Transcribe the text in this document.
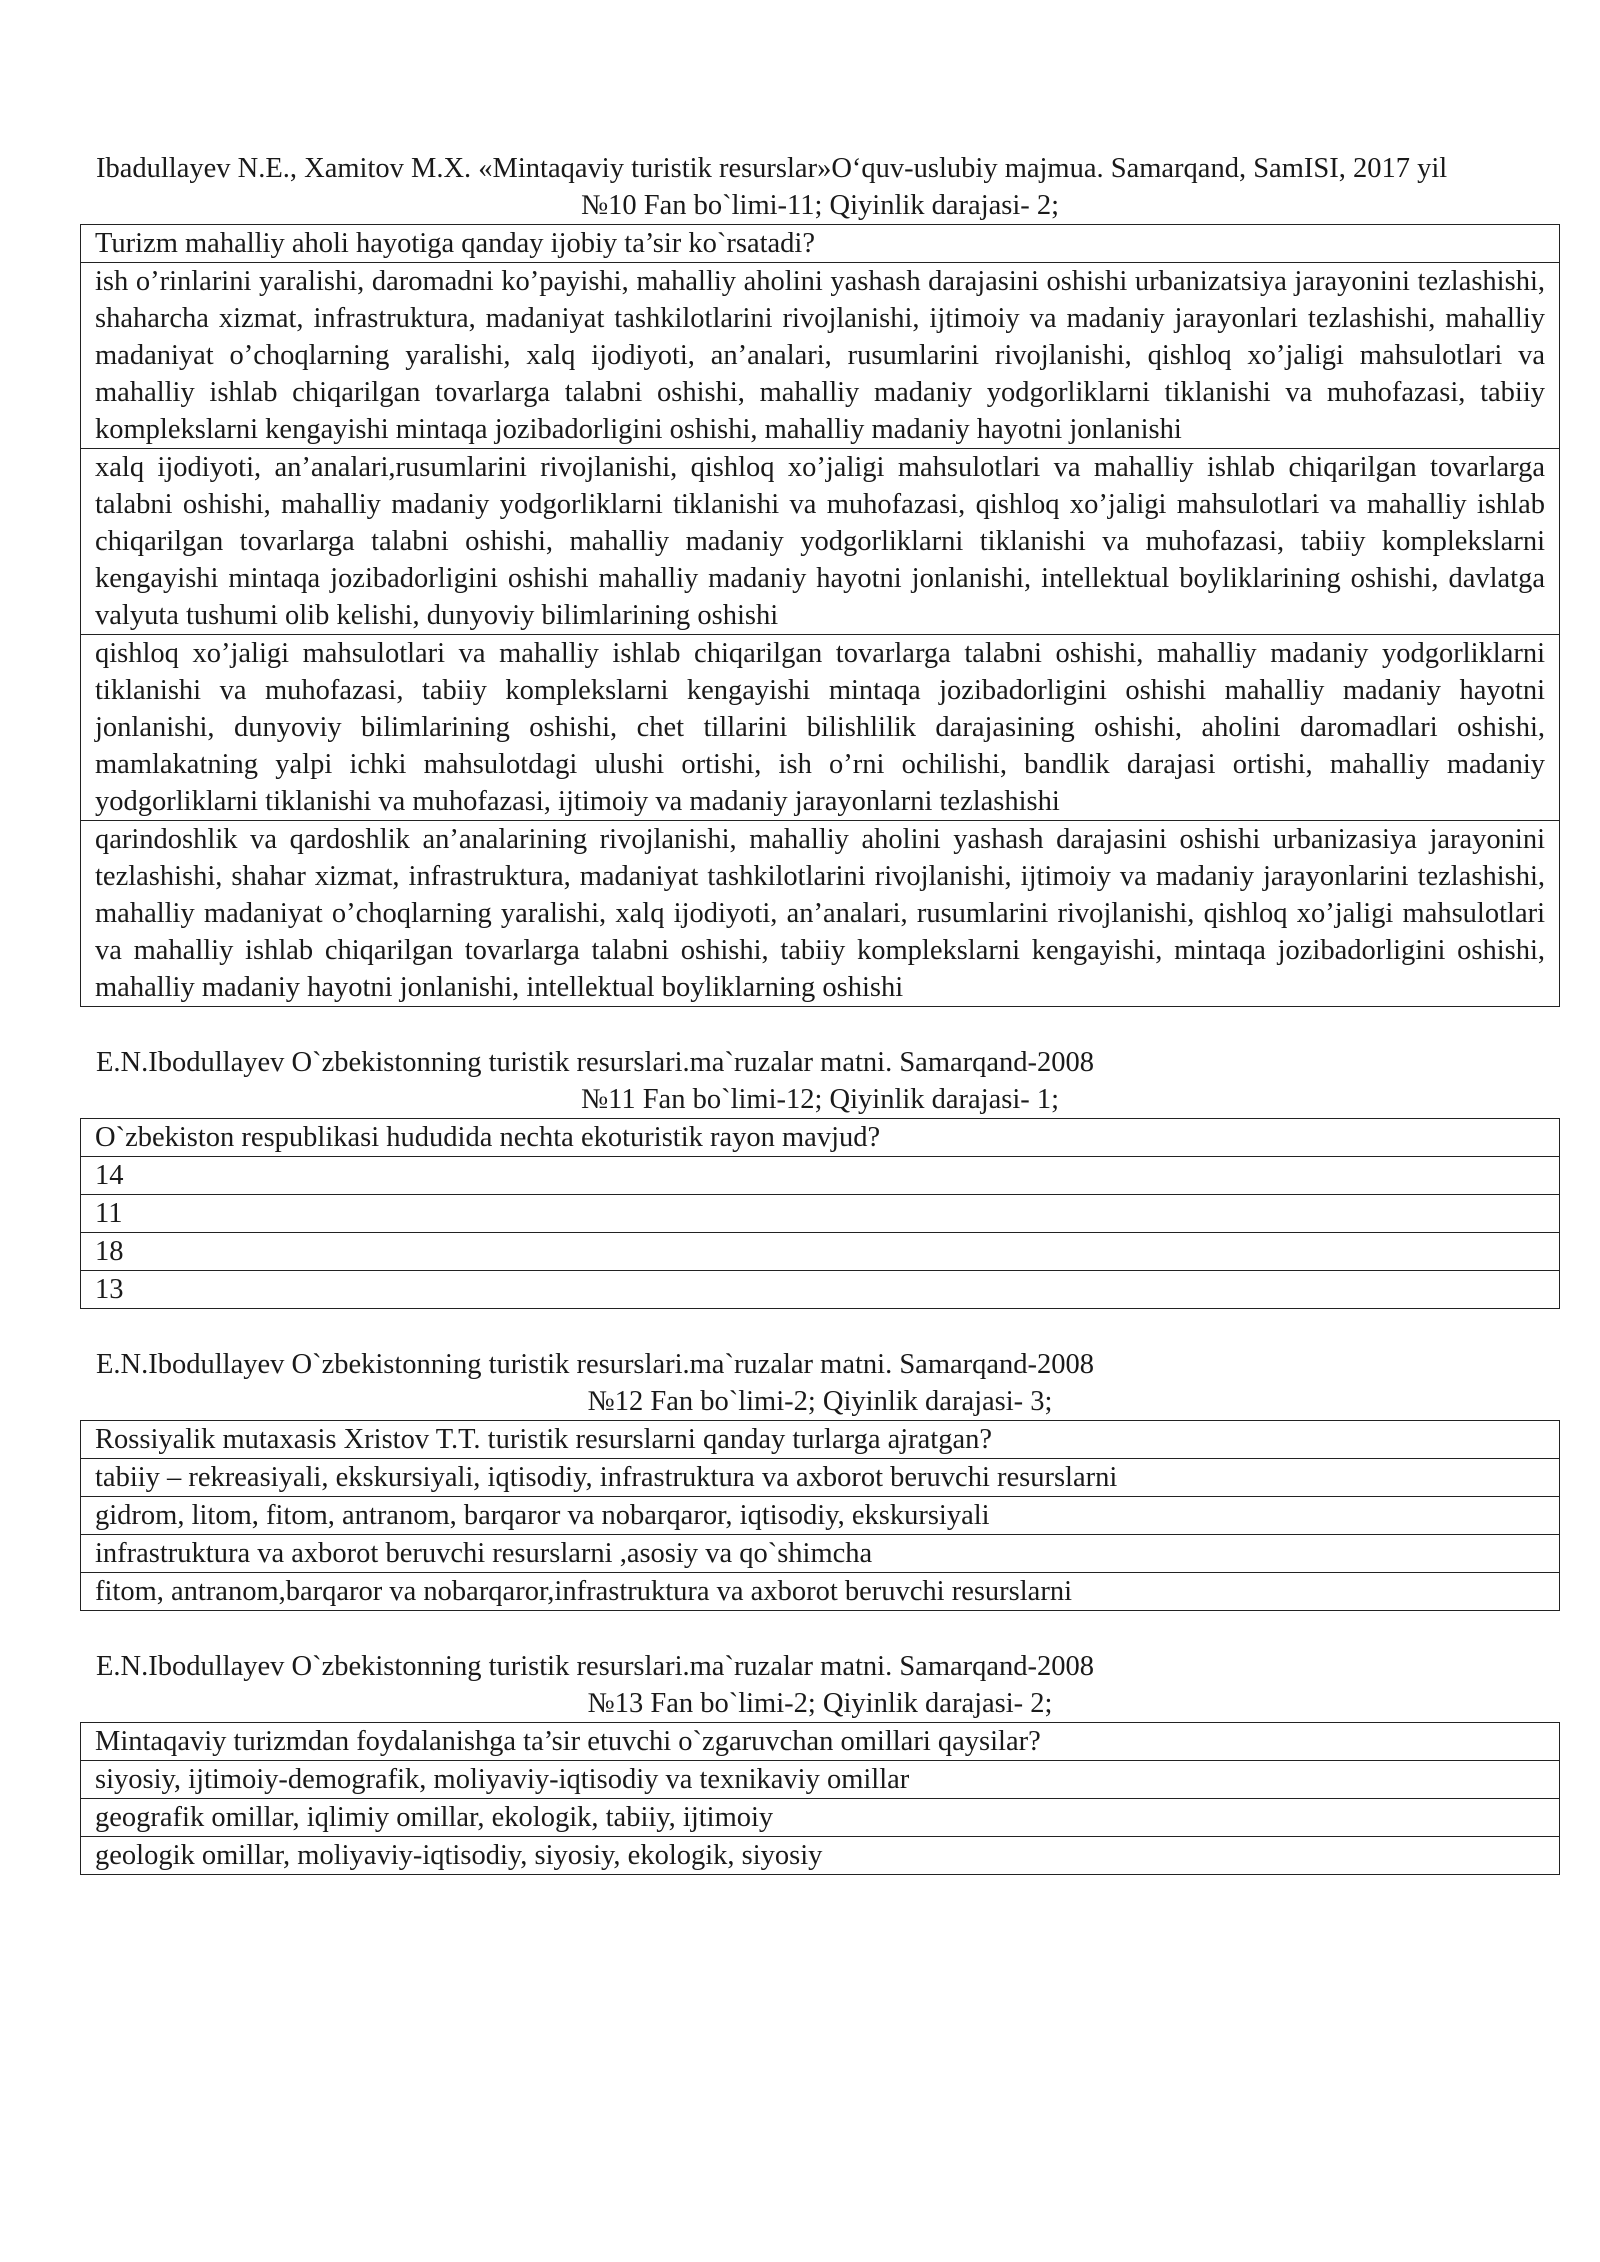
Ibadullayev N.E., Xamitov M.X. «Mintaqaviy turistik resurslar»O‘quv-uslubiy majmua. Samarqand, SamISI, 2017 yil

№10 Fan bo`limi-11; Qiyinlik darajasi- 2;

Turizm mahalliy aholi hayotiga qanday ijobiy ta’sir ko`rsatadi?
ish o’rinlarini yaralishi, daromadni ko’payishi, mahalliy aholini yashash darajasini oshishi urbanizatsiya jarayonini tezlashishi, shaharcha xizmat, infrastruktura, madaniyat tashkilotlarini rivojlanishi, ijtimoiy va madaniy jarayonlari tezlashishi, mahalliy madaniyat o’choqlarning yaralishi, xalq ijodiyoti, an’analari, rusumlarini rivojlanishi, qishloq xo’jaligi mahsulotlari va mahalliy ishlab chiqarilgan tovarlarga talabni oshishi, mahalliy madaniy yodgorliklarni tiklanishi va muhofazasi, tabiiy komplekslarni kengayishi mintaqa jozibadorligini oshishi, mahalliy madaniy hayotni jonlanishi
xalq ijodiyoti, an’analari,rusumlarini rivojlanishi, qishloq xo’jaligi mahsulotlari va mahalliy ishlab chiqarilgan tovarlarga talabni oshishi, mahalliy madaniy yodgorliklarni tiklanishi va muhofazasi, qishloq xo’jaligi mahsulotlari va mahalliy ishlab chiqarilgan tovarlarga talabni oshishi, mahalliy madaniy yodgorliklarni tiklanishi va muhofazasi, tabiiy komplekslarni kengayishi mintaqa jozibadorligini oshishi mahalliy madaniy hayotni jonlanishi, intellektual boyliklarining oshishi, davlatga valyuta tushumi olib kelishi, dunyoviy bilimlarining oshishi
qishloq xo’jaligi mahsulotlari va mahalliy ishlab chiqarilgan tovarlarga talabni oshishi, mahalliy madaniy yodgorliklarni tiklanishi va muhofazasi, tabiiy komplekslarni kengayishi mintaqa jozibadorligini oshishi mahalliy madaniy hayotni jonlanishi, dunyoviy bilimlarining oshishi, chet tillarini bilishlilik darajasining oshishi, aholini daromadlari oshishi, mamlakatning yalpi ichki mahsulotdagi ulushi ortishi, ish o’rni ochilishi, bandlik darajasi ortishi, mahalliy madaniy yodgorliklarni tiklanishi va muhofazasi, ijtimoiy va madaniy jarayonlarni tezlashishi
qarindoshlik va qardoshlik an’analarining rivojlanishi, mahalliy aholini yashash darajasini oshishi urbanizasiya jarayonini tezlashishi, shahar xizmat, infrastruktura, madaniyat tashkilotlarini rivojlanishi, ijtimoiy va madaniy jarayonlarini tezlashishi, mahalliy madaniyat o’choqlarning yaralishi, xalq ijodiyoti, an’analari, rusumlarini rivojlanishi, qishloq xo’jaligi mahsulotlari va mahalliy ishlab chiqarilgan tovarlarga talabni oshishi, tabiiy komplekslarni kengayishi, mintaqa jozibadorligini oshishi, mahalliy madaniy hayotni jonlanishi, intellektual boyliklarning oshishi

E.N.Ibodullayev O`zbekistonning turistik resurslari.ma`ruzalar matni. Samarqand-2008

№11 Fan bo`limi-12; Qiyinlik darajasi- 1;

O`zbekiston respublikasi hududida nechta ekoturistik rayon mavjud?
14
11
18
13

E.N.Ibodullayev O`zbekistonning turistik resurslari.ma`ruzalar matni. Samarqand-2008

№12 Fan bo`limi-2; Qiyinlik darajasi- 3;

Rossiyalik mutaxasis Xristov T.T. turistik resurslarni qanday turlarga ajratgan?
tabiiy – rekreasiyali, ekskursiyali, iqtisodiy, infrastruktura va axborot beruvchi resurslarni
gidrom, litom, fitom, antranom, barqaror va nobarqaror, iqtisodiy, ekskursiyali
infrastruktura va axborot beruvchi resurslarni ,asosiy va qo`shimcha
fitom, antranom,barqaror va nobarqaror,infrastruktura va axborot beruvchi resurslarni

E.N.Ibodullayev O`zbekistonning turistik resurslari.ma`ruzalar matni. Samarqand-2008

№13 Fan bo`limi-2; Qiyinlik darajasi- 2;

Mintaqaviy turizmdan foydalanishga ta’sir etuvchi o`zgaruvchan omillari qaysilar?
siyosiy, ijtimoiy-demografik, moliyaviy-iqtisodiy va texnikaviy omillar
geografik omillar, iqlimiy omillar, ekologik, tabiiy, ijtimoiy
geologik omillar, moliyaviy-iqtisodiy, siyosiy, ekologik, siyosiy
